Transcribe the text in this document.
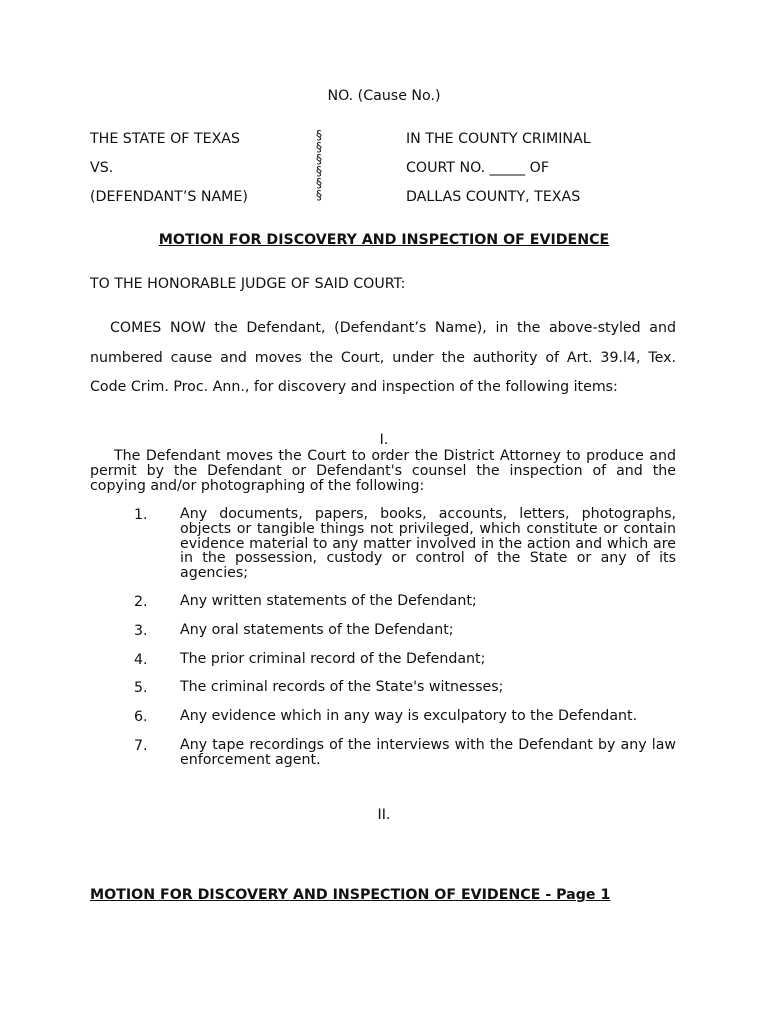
NO. (Cause No.)
THE STATE OF TEXAS
VS.
(DEFENDANT’S NAME)
§
§
§
§
§
§
IN THE COUNTY CRIMINAL
COURT NO. _____ OF
DALLAS COUNTY, TEXAS
MOTION FOR DISCOVERY AND INSPECTION OF EVIDENCE
TO THE HONORABLE JUDGE OF SAID COURT:
COMES NOW the Defendant, (Defendant’s Name), in the above-styled and numbered cause and moves the Court, under the authority of Art. 39.l4, Tex. Code Crim. Proc. Ann., for discovery and inspection of the following items:
I.
The Defendant moves the Court to order the District Attorney to produce and permit by the Defendant or Defendant's counsel the inspection of and the copying and/or photographing of the following:
1. Any documents, papers, books, accounts, letters, photographs, objects or tangible things not privileged, which constitute or contain evidence material to any matter involved in the action and which are in the possession, custody or control of the State or any of its agencies;
2. Any written statements of the Defendant;
3. Any oral statements of the Defendant;
4. The prior criminal record of the Defendant;
5. The criminal records of the State's witnesses;
6. Any evidence which in any way is exculpatory to the Defendant.
7. Any tape recordings of the interviews with the Defendant by any law enforcement agent.
II.
MOTION FOR DISCOVERY AND INSPECTION OF EVIDENCE - Page 1
